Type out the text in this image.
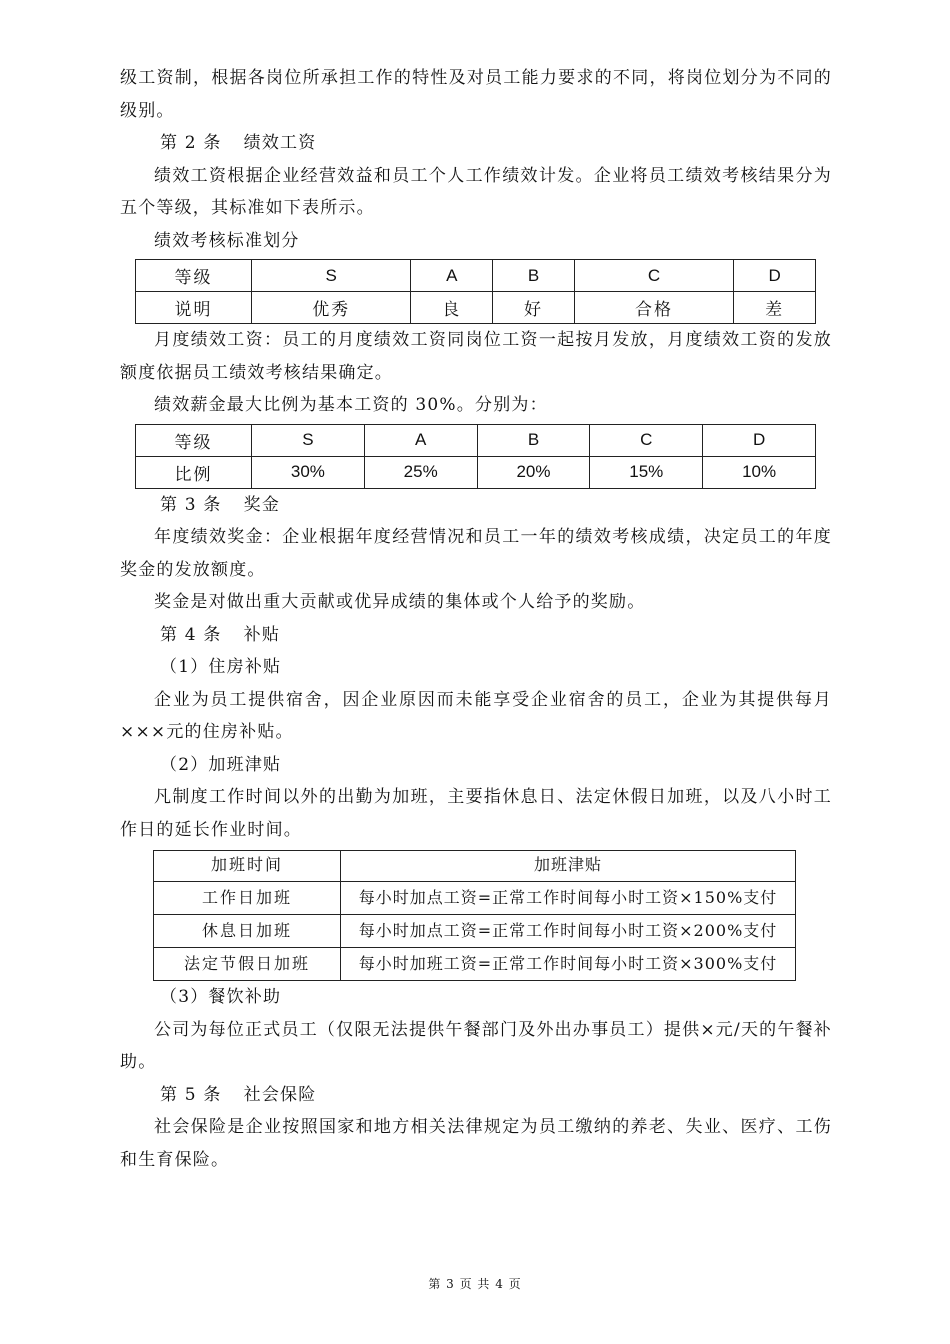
级工资制，根据各岗位所承担工作的特性及对员工能力要求的不同，将岗位划分为不同的级别。

第 2 条 绩效工资

绩效工资根据企业经营效益和员工个人工作绩效计发。企业将员工绩效考核结果分为五个等级，其标准如下表所示。

绩效考核标准划分

等级	S	A	B	C	D
说明	优秀	良	好	合格	差

月度绩效工资：员工的月度绩效工资同岗位工资一起按月发放，月度绩效工资的发放额度依据员工绩效考核结果确定。

绩效薪金最大比例为基本工资的 30%。分别为：

等级	S	A	B	C	D
比例	30%	25%	20%	15%	10%

第 3 条 奖金

年度绩效奖金：企业根据年度经营情况和员工一年的绩效考核成绩，决定员工的年度奖金的发放额度。

奖金是对做出重大贡献或优异成绩的集体或个人给予的奖励。

第 4 条 补贴

（1）住房补贴

企业为员工提供宿舍，因企业原因而未能享受企业宿舍的员工，企业为其提供每月×××元的住房补贴。

（2）加班津贴

凡制度工作时间以外的出勤为加班，主要指休息日、法定休假日加班，以及八小时工作日的延长作业时间。

加班时间	加班津贴
工作日加班	每小时加点工资=正常工作时间每小时工资×150%支付
休息日加班	每小时加点工资=正常工作时间每小时工资×200%支付
法定节假日加班	每小时加班工资=正常工作时间每小时工资×300%支付

（3）餐饮补助

公司为每位正式员工（仅限无法提供午餐部门及外出办事员工）提供×元/天的午餐补助。

第 5 条 社会保险

社会保险是企业按照国家和地方相关法律规定为员工缴纳的养老、失业、医疗、工伤和生育保险。

第 3 页 共 4 页
